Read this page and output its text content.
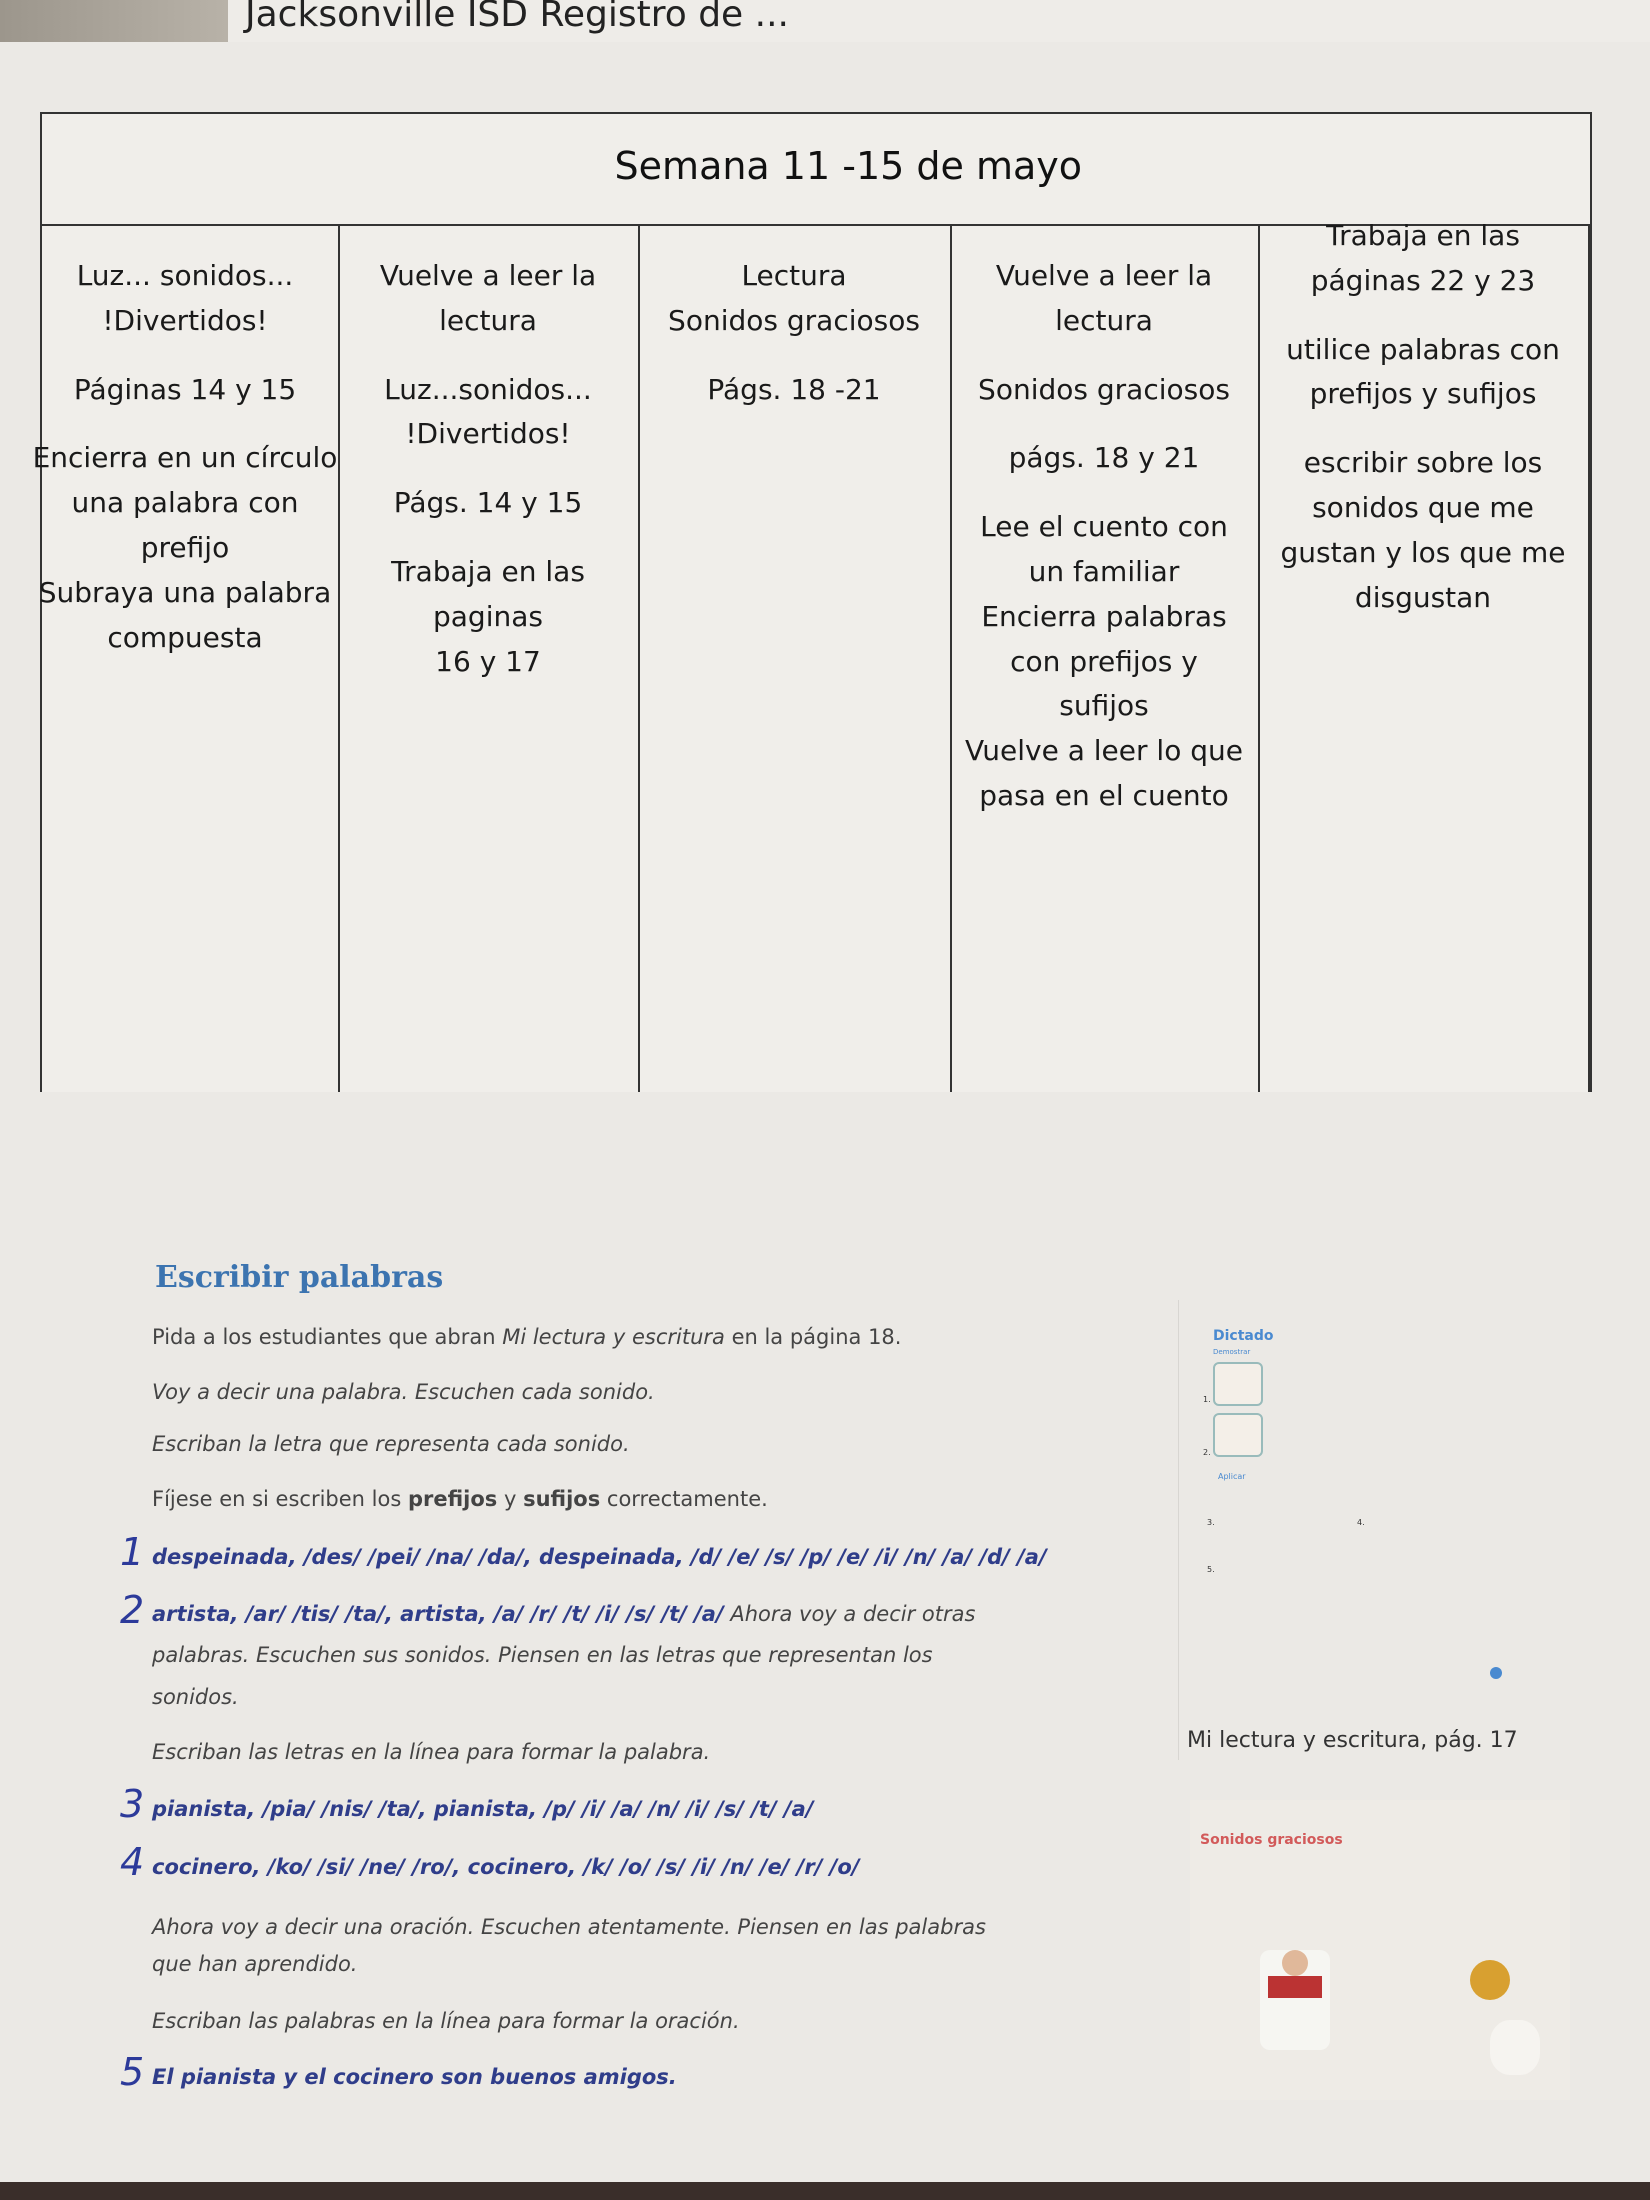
Jacksonville ISD Registro de ...
Semana 11 -15 de mayo

Luz... sonidos...
!Divertidos!

Páginas 14 y 15

Encierra en un círculo
una palabra con
prefijo
Subraya una palabra
compuesta

Vuelve a leer la
lectura

Luz...sonidos...
!Divertidos!

Págs. 14 y 15

Trabaja en las
paginas
16 y 17

Lectura
Sonidos graciosos

Págs. 18 -21

Vuelve a leer la
lectura

Sonidos graciosos

págs. 18 y 21

Lee el cuento con
un familiar
Encierra palabras
con prefijos y
sufijos
Vuelve a leer lo que
pasa en el cuento

Trabaja en las
páginas 22 y 23

utilice palabras con
prefijos y sufijos

escribir sobre los
sonidos que me
gustan y los que me
disgustan

Escribir palabras
Pida a los estudiantes que abran Mi lectura y escritura en la página 18.
Voy a decir una palabra. Escuchen cada sonido.
Escriban la letra que representa cada sonido.
Fíjese en si escriben los prefijos y sufijos correctamente.
1 despeinada, /des/ /pei/ /na/ /da/, despeinada, /d/ /e/ /s/ /p/ /e/ /i/ /n/ /a/ /d/ /a/
2 artista, /ar/ /tis/ /ta/, artista, /a/ /r/ /t/ /i/ /s/ /t/ /a/ Ahora voy a decir otras
palabras. Escuchen sus sonidos. Piensen en las letras que representan los
sonidos.
Escriban las letras en la línea para formar la palabra.
3 pianista, /pia/ /nis/ /ta/, pianista, /p/ /i/ /a/ /n/ /i/ /s/ /t/ /a/
4 cocinero, /ko/ /si/ /ne/ /ro/, cocinero, /k/ /o/ /s/ /i/ /n/ /e/ /r/ /o/
Ahora voy a decir una oración. Escuchen atentamente. Piensen en las palabras
que han aprendido.
Escriban las palabras en la línea para formar la oración.
5 El pianista y el cocinero son buenos amigos.
Dictado
Demostrar
1.
2.
Aplicar
3.	4.
5.
Mi lectura y escritura, pág. 17
Sonidos graciosos
